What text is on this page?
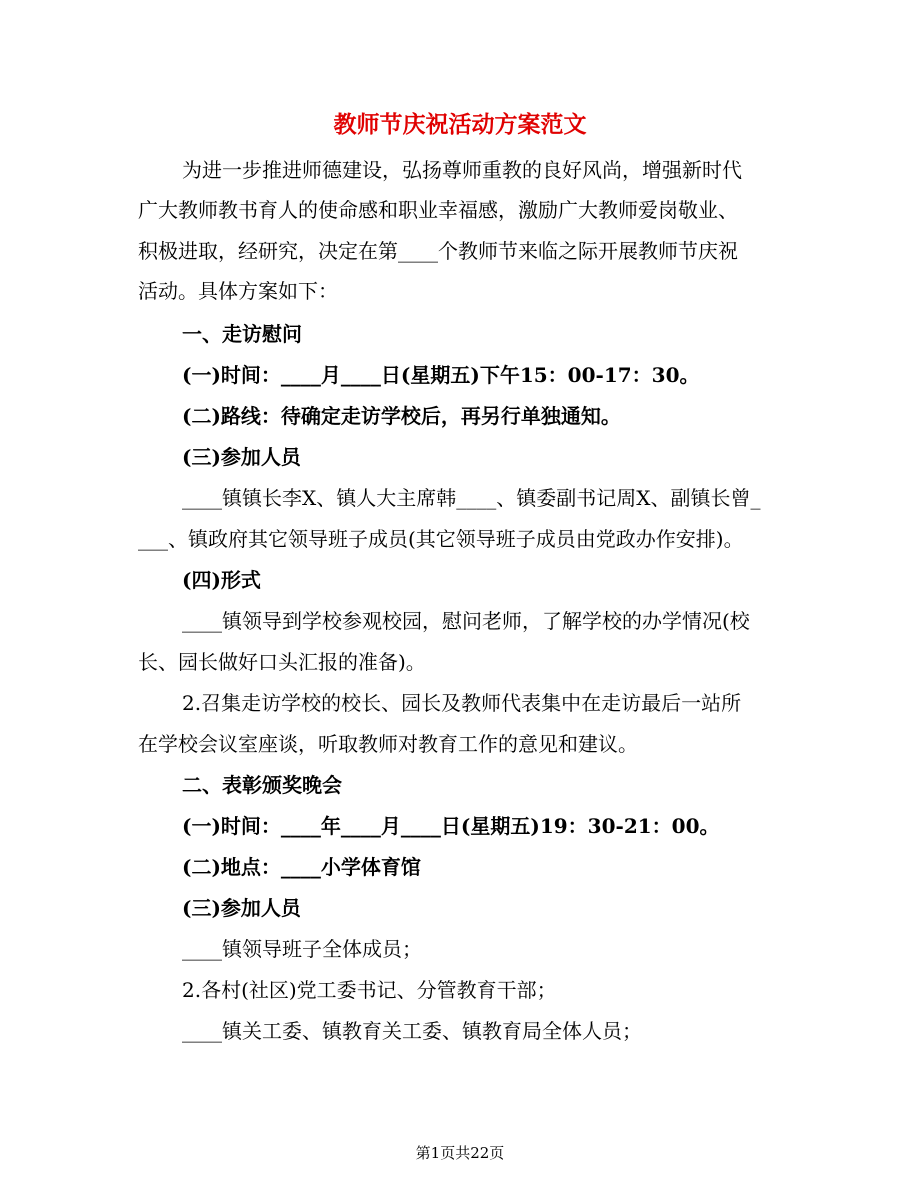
教师节庆祝活动方案范文
为进一步推进师德建设，弘扬尊师重教的良好风尚，增强新时代
广大教师教书育人的使命感和职业幸福感，激励广大教师爱岗敬业、
积极进取，经研究，决定在第____个教师节来临之际开展教师节庆祝
活动。具体方案如下：
一、走访慰问
(一)时间：____月____日(星期五)下午15：00-17：30。
(二)路线：待确定走访学校后，再另行单独通知。
(三)参加人员
____镇镇长李X、镇人大主席韩____、镇委副书记周X、副镇长曾_
___、镇政府其它领导班子成员(其它领导班子成员由党政办作安排)。
(四)形式
____镇领导到学校参观校园，慰问老师，了解学校的办学情况(校
长、园长做好口头汇报的准备)。
2.召集走访学校的校长、园长及教师代表集中在走访最后一站所
在学校会议室座谈，听取教师对教育工作的意见和建议。
二、表彰颁奖晚会
(一)时间：____年____月____日(星期五)19：30-21：00。
(二)地点：____小学体育馆
(三)参加人员
____镇领导班子全体成员；
2.各村(社区)党工委书记、分管教育干部；
____镇关工委、镇教育关工委、镇教育局全体人员；
第1页共22页
